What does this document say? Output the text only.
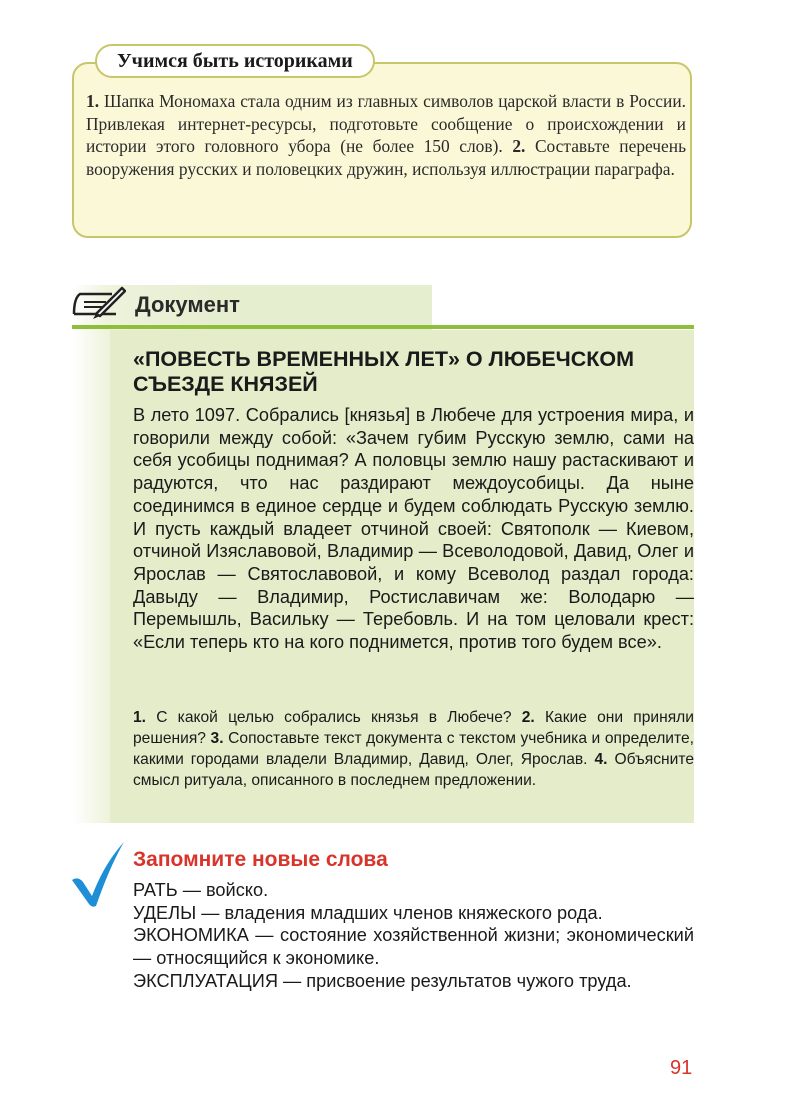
Учимся быть историками

1. Шапка Мономаха стала одним из главных символов царской власти в России. Привлекая интернет-ресурсы, подготовьте сообщение о происхождении и истории этого головного убора (не более 150 слов). 2. Составьте перечень вооружения русских и половецких дружин, используя иллюстрации параграфа.

Документ
«ПОВЕСТЬ ВРЕМЕННЫХ ЛЕТ» О ЛЮБЕЧСКОМ СЪЕЗДЕ КНЯЗЕЙ

В лето 1097. Собрались [князья] в Любече для устроения мира, и говорили между собой: «Зачем губим Русскую землю, сами на себя усобицы поднимая? А половцы землю нашу растаскивают и радуются, что нас раздирают междоусобицы. Да ныне соединимся в единое сердце и будем соблюдать Русскую землю. И пусть каждый владеет отчиной своей: Святополк — Киевом, отчиной Изяславовой, Владимир — Всеволодовой, Давид, Олег и Ярослав — Святославовой, и кому Всеволод раздал города: Давыду — Владимир, Ростиславичам же: Володарю — Перемышль, Васильку — Теребовль. И на том целовали крест: «Если теперь кто на кого поднимется, против того будем все».

1. С какой целью собрались князья в Любече? 2. Какие они приняли решения? 3. Сопоставьте текст документа с текстом учебника и определите, какими городами владели Владимир, Давид, Олег, Ярослав. 4. Объясните смысл ритуала, описанного в последнем предложении.

Запомните новые слова
РАТЬ — войско.
УДЕЛЫ — владения младших членов княжеского рода.
ЭКОНОМИКА — состояние хозяйственной жизни; экономический — относящийся к экономике.
ЭКСПЛУАТАЦИЯ — присвоение результатов чужого труда.

91
